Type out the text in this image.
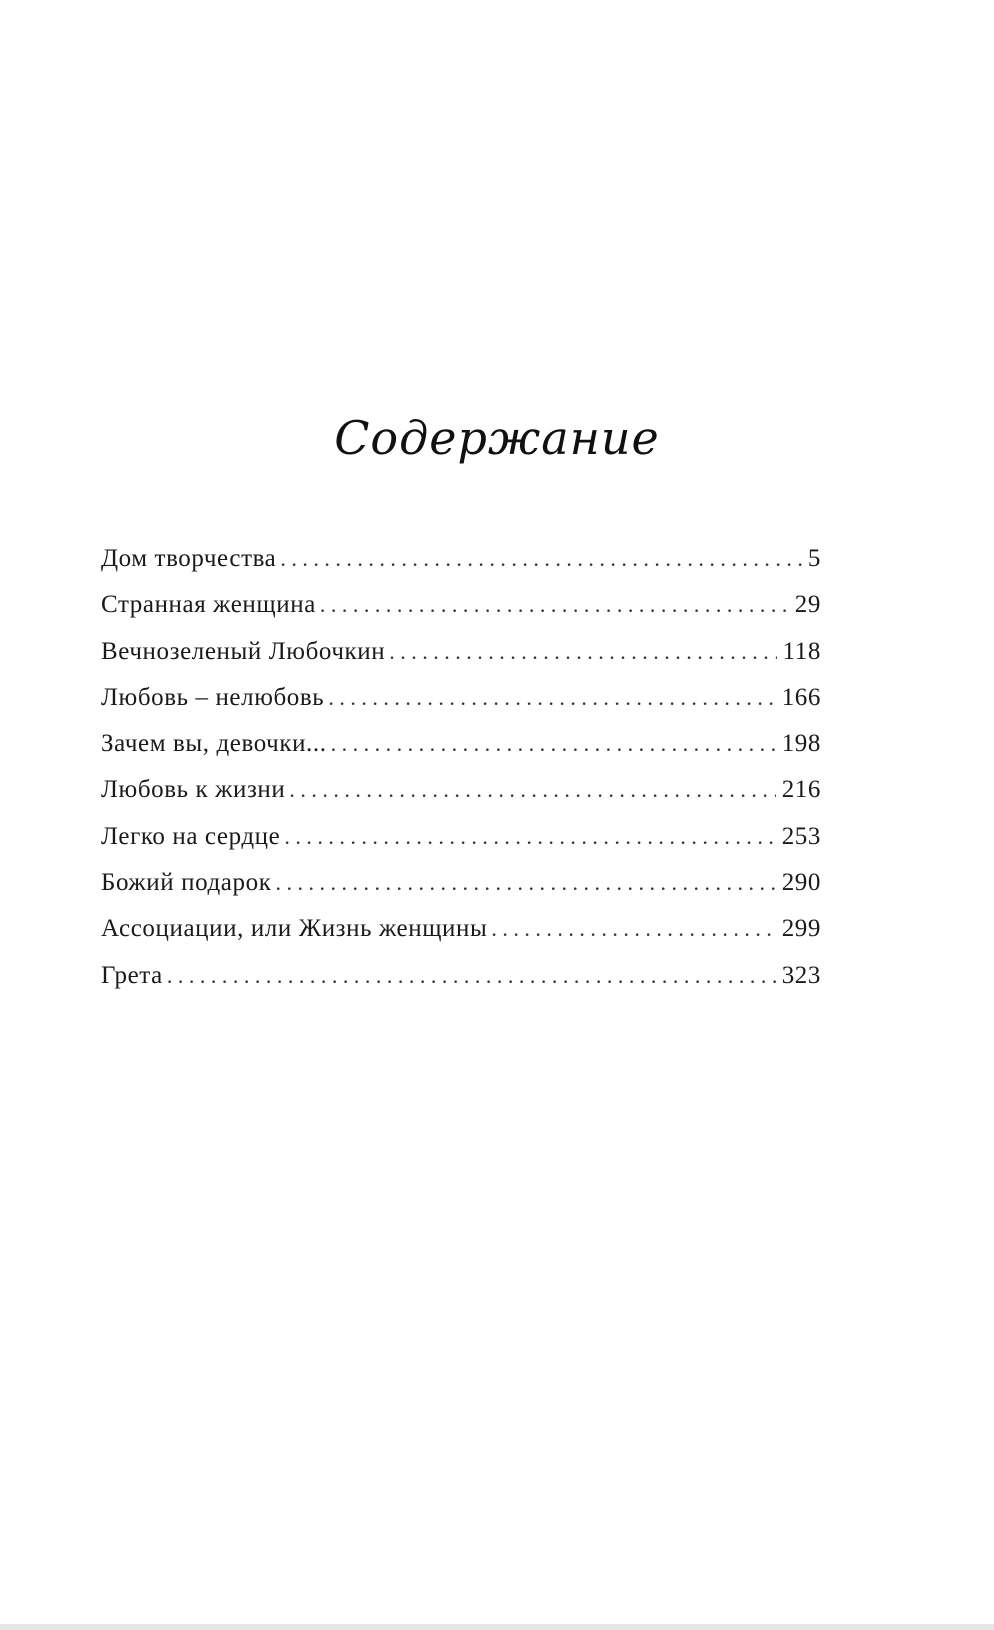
Содержание
Дом творчества . . .	5
Странная женщина . . .	29
Вечнозеленый Любочкин . . .	118
Любовь – нелюбовь . . .	166
Зачем вы, девочки... . . .	198
Любовь к жизни . . .	216
Легко на сердце . . .	253
Божий подарок . . .	290
Ассоциации, или Жизнь женщины . . .	299
Грета . . .	323
